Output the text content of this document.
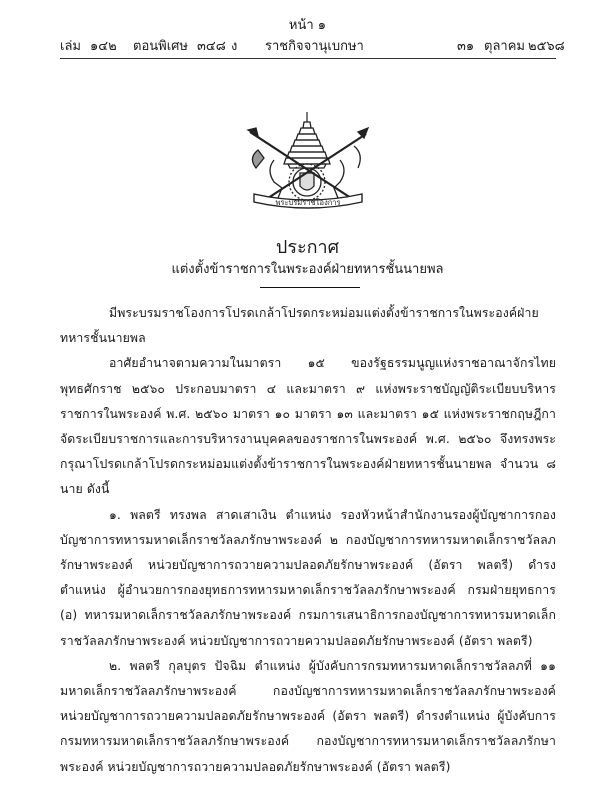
หน้า ๑
เล่ม ๑๔๒ ตอนพิเศษ ๓๔๘ ง ราชกิจจานุเบกษา	๓๑ ตุลาคม ๒๕๖๘
พระบรมราชโองการ
ประกาศ
แต่งตั้งข้าราชการในพระองค์ฝ่ายทหารชั้นนายพล

มีพระบรมราชโองการโปรดเกล้าโปรดกระหม่อมแต่งตั้งข้าราชการในพระองค์ฝ่ายทหารชั้นนายพล

อาศัยอำนาจตามความในมาตรา ๑๕ ของรัฐธรรมนูญแห่งราชอาณาจักรไทย พุทธศักราช ๒๕๖๐ ประกอบมาตรา ๔ และมาตรา ๙ แห่งพระราชบัญญัติระเบียบบริหารราชการในพระองค์ พ.ศ. ๒๕๖๐ มาตรา ๑๐ มาตรา ๑๓ และมาตรา ๑๕ แห่งพระราชกฤษฎีกาจัดระเบียบราชการและการบริหารงานบุคคลของราชการในพระองค์ พ.ศ. ๒๕๖๐ จึงทรงพระกรุณาโปรดเกล้าโปรดกระหม่อมแต่งตั้งข้าราชการในพระองค์ฝ่ายทหารชั้นนายพล จำนวน ๘ นาย ดังนี้

๑. พลตรี ทรงพล สาดเสาเงิน ตำแหน่ง รองหัวหน้าสำนักงานรองผู้บัญชาการกองบัญชาการทหารมหาดเล็กราชวัลลภรักษาพระองค์ ๒ กองบัญชาการทหารมหาดเล็กราชวัลลภรักษาพระองค์ หน่วยบัญชาการถวายความปลอดภัยรักษาพระองค์ (อัตรา พลตรี) ดำรงตำแหน่ง ผู้อำนวยการกองยุทธการทหารมหาดเล็กราชวัลลภรักษาพระองค์ กรมฝ่ายยุทธการ (อ) ทหารมหาดเล็กราชวัลลภรักษาพระองค์ กรมการเสนาธิการกองบัญชาการทหารมหาดเล็กราชวัลลภรักษาพระองค์ หน่วยบัญชาการถวายความปลอดภัยรักษาพระองค์ (อัตรา พลตรี)

๒. พลตรี กุลบุตร ปัจฉิม ตำแหน่ง ผู้บังคับการกรมทหารมหาดเล็กราชวัลลภที่ ๑๑ มหาดเล็กราชวัลลภรักษาพระองค์ กองบัญชาการทหารมหาดเล็กราชวัลลภรักษาพระองค์ หน่วยบัญชาการถวายความปลอดภัยรักษาพระองค์ (อัตรา พลตรี) ดำรงตำแหน่ง ผู้บังคับการกรมทหารมหาดเล็กราชวัลลภรักษาพระองค์ กองบัญชาการทหารมหาดเล็กราชวัลลภรักษาพระองค์ หน่วยบัญชาการถวายความปลอดภัยรักษาพระองค์ (อัตรา พลตรี)
